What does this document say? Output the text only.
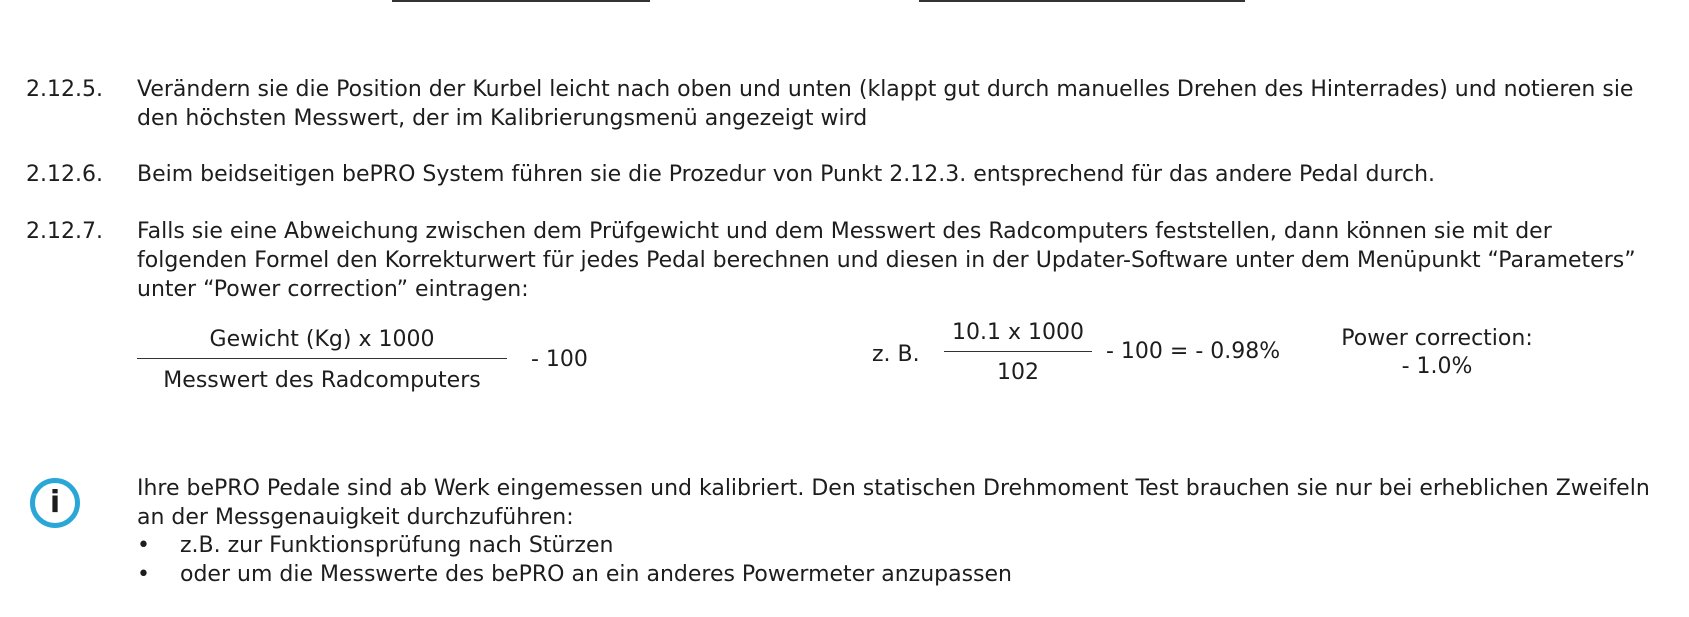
2.12.5. Verändern sie die Position der Kurbel leicht nach oben und unten (klappt gut durch manuelles Drehen des Hinterrades) und notieren sie den höchsten Messwert, der im Kalibrierungsmenü angezeigt wird
2.12.6. Beim beidseitigen bePRO System führen sie die Prozedur von Punkt 2.12.3. entsprechend für das andere Pedal durch.
2.12.7. Falls sie eine Abweichung zwischen dem Prüfgewicht und dem Messwert des Radcomputers feststellen, dann können sie mit der folgenden Formel den Korrekturwert für jedes Pedal berechnen und diesen in der Updater-Software unter dem Menüpunkt “Parameters” unter “Power correction” eintragen:
Gewicht (Kg) x 1000
Messwert des Radcomputers
- 100	z. B.
10.1 x 1000
102
- 100 = - 0.98%
Power correction:
- 1.0%
i	Ihre bePRO Pedale sind ab Werk eingemessen und kalibriert. Den statischen Drehmoment Test brauchen sie nur bei erheblichen Zweifeln an der Messgenauigkeit durchzuführen:
• z.B. zur Funktionsprüfung nach Stürzen
• oder um die Messwerte des bePRO an ein anderes Powermeter anzupassen
